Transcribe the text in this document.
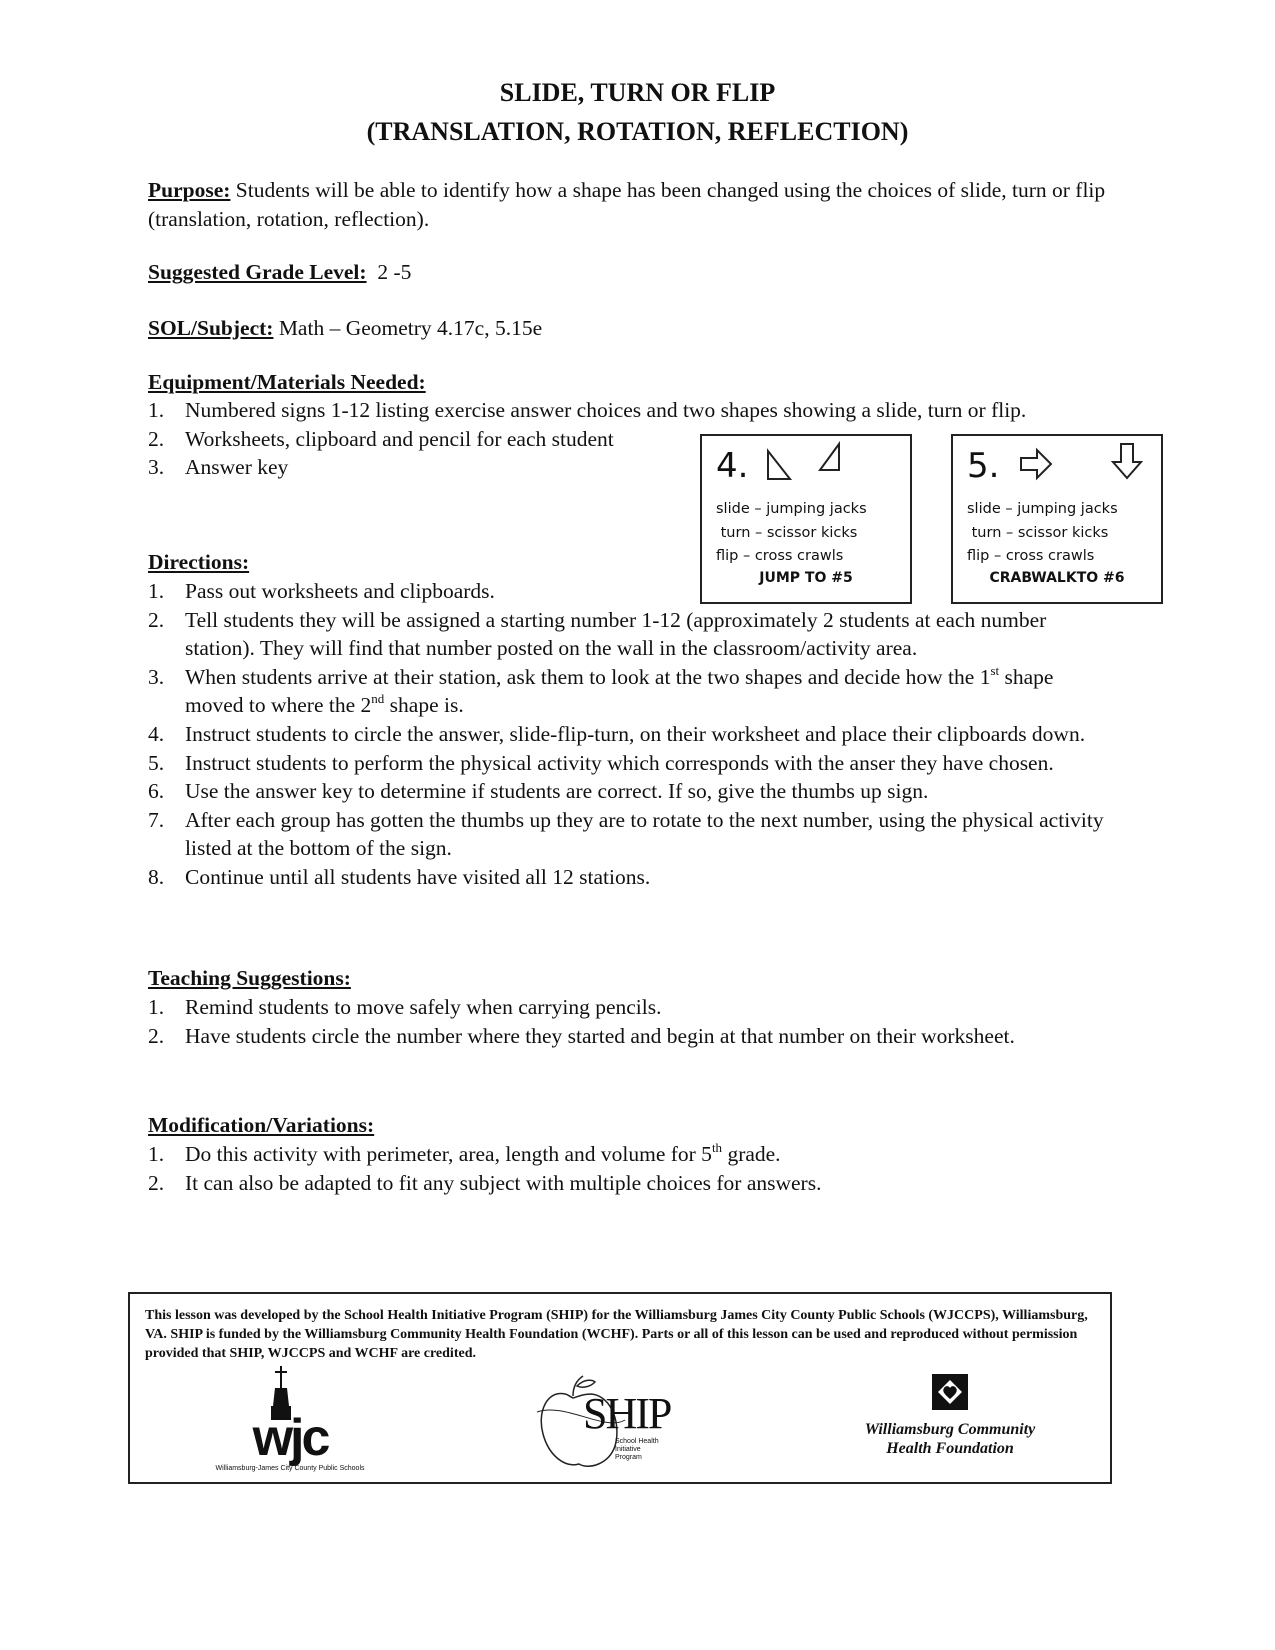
SLIDE, TURN OR FLIP
(TRANSLATION, ROTATION, REFLECTION)
Purpose: Students will be able to identify how a shape has been changed using the choices of slide, turn or flip (translation, rotation, reflection).
Suggested Grade Level:  2 -5
SOL/Subject: Math – Geometry 4.17c, 5.15e
Equipment/Materials Needed:
1. Numbered signs 1-12 listing exercise answer choices and two shapes showing a slide, turn or flip.
2. Worksheets, clipboard and pencil for each student
3. Answer key	4.
slide – jumping jacks
turn – scissor kicks
flip – cross crawls
JUMP TO #5
5.
slide – jumping jacks
turn – scissor kicks
flip – cross crawls
CRABWALKTO #6
Directions:
1. Pass out worksheets and clipboards.
2. Tell students they will be assigned a starting number 1-12 (approximately 2 students at each number station). They will find that number posted on the wall in the classroom/activity area.
3. When students arrive at their station, ask them to look at the two shapes and decide how the 1st shape moved to where the 2nd shape is.
4. Instruct students to circle the answer, slide-flip-turn, on their worksheet and place their clipboards down.
5. Instruct students to perform the physical activity which corresponds with the anser they have chosen.
6. Use the answer key to determine if students are correct. If so, give the thumbs up sign.
7. After each group has gotten the thumbs up they are to rotate to the next number, using the physical activity listed at the bottom of the sign.
8. Continue until all students have visited all 12 stations.
Teaching Suggestions:
1. Remind students to move safely when carrying pencils.
2. Have students circle the number where they started and begin at that number on their worksheet.
Modification/Variations:
1. Do this activity with perimeter, area, length and volume for 5th grade.
2. It can also be adapted to fit any subject with multiple choices for answers.
This lesson was developed by the School Health Initiative Program (SHIP) for the Williamsburg James City County Public Schools (WJCCPS), Williamsburg, VA. SHIP is funded by the Williamsburg Community Health Foundation (WCHF). Parts or all of this lesson can be used and reproduced without permission provided that SHIP, WJCCPS and WCHF are credited.
wjc
Williamsburg-James City County Public Schools
SHIP
School Health
Initiative
Program
Williamsburg Community
Health Foundation
